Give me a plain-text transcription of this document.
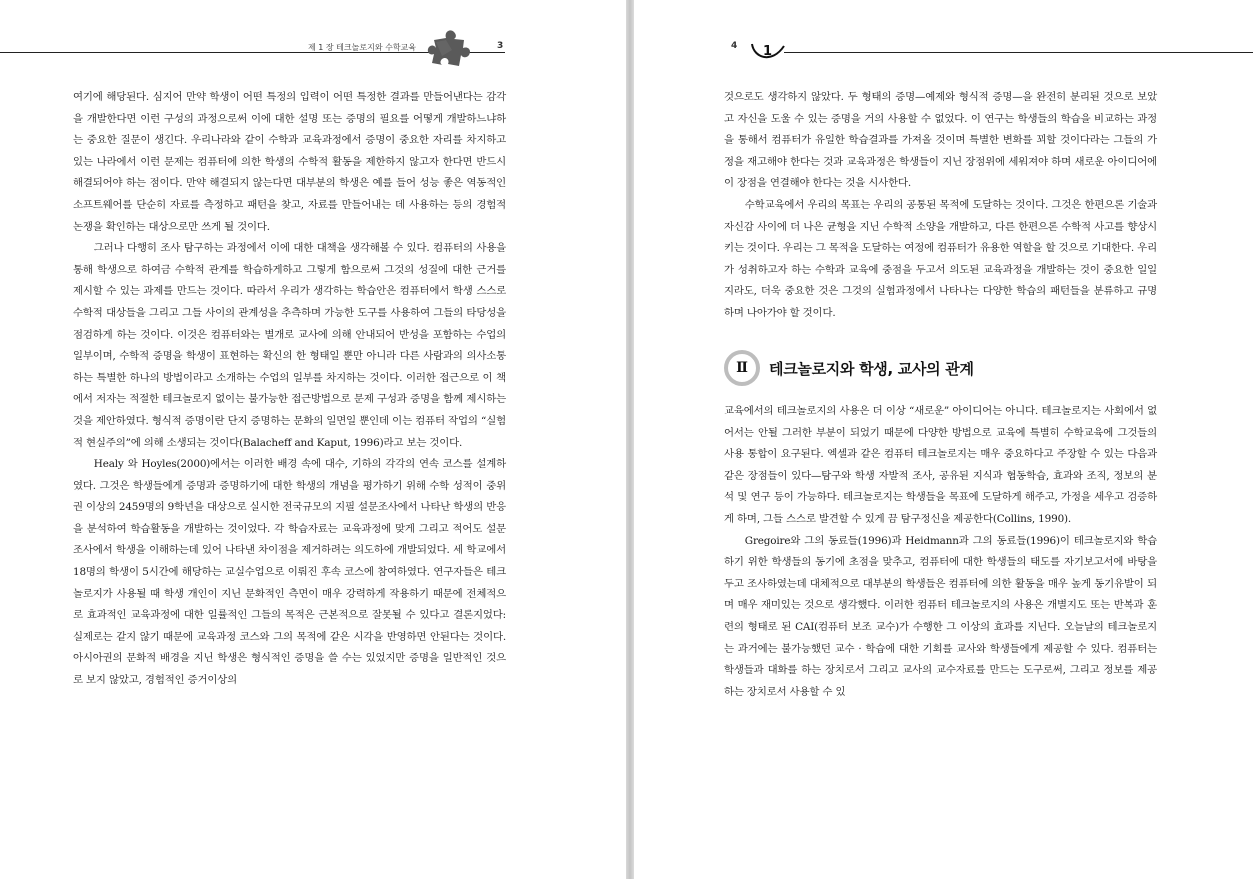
제 1 장 테크놀로지와 수학교육	3

여기에 해당된다. 심지어 만약 학생이 어떤 특정의 입력이 어떤 특정한 결과를 만들어낸다는 감각을 개발한다면 이런 구성의 과정으로써 이에 대한 설명 또는 증명의 필요를 어떻게 개발하느냐하는 중요한 질문이 생긴다. 우리나라와 같이 수학과 교육과정에서 증명이 중요한 자리를 차지하고 있는 나라에서 이런 문제는 컴퓨터에 의한 학생의 수학적 활동을 제한하지 않고자 한다면 반드시 해결되어야 하는 점이다. 만약 해결되지 않는다면 대부분의 학생은 예를 들어 성능 좋은 역동적인 소프트웨어를 단순히 자료를 측정하고 패턴을 찾고, 자료를 만들어내는 데 사용하는 등의 경험적 논쟁을 확인하는 대상으로만 쓰게 될 것이다.

그러나 다행히 조사 탐구하는 과정에서 이에 대한 대책을 생각해볼 수 있다. 컴퓨터의 사용을 통해 학생으로 하여금 수학적 관계를 학습하게하고 그렇게 함으로써 그것의 성질에 대한 근거를 제시할 수 있는 과제를 만드는 것이다. 따라서 우리가 생각하는 학습안은 컴퓨터에서 학생 스스로 수학적 대상들을 그리고 그들 사이의 관계성을 추측하며 가능한 도구를 사용하여 그들의 타당성을 점검하게 하는 것이다. 이것은 컴퓨터와는 별개로 교사에 의해 안내되어 반성을 포함하는 수업의 일부이며, 수학적 증명을 학생이 표현하는 확신의 한 형태일 뿐만 아니라 다른 사람과의 의사소통하는 특별한 하나의 방법이라고 소개하는 수업의 일부를 차지하는 것이다. 이러한 접근으로 이 책에서 저자는 적절한 테크놀로지 없이는 불가능한 접근방법으로 문제 구성과 증명을 함께 제시하는 것을 제안하였다. 형식적 증명이란 단지 증명하는 문화의 일면일 뿐인데 이는 컴퓨터 작업의 “실험적 현실주의”에 의해 소생되는 것이다(Balacheff and Kaput, 1996)라고 보는 것이다.

Healy 와 Hoyles(2000)에서는 이러한 배경 속에 대수, 기하의 각각의 연속 코스를 설계하였다. 그것은 학생들에게 증명과 증명하기에 대한 학생의 개념을 평가하기 위해 수학 성적이 중위권 이상의 2459명의 9학년을 대상으로 실시한 전국규모의 지필 설문조사에서 나타난 학생의 반응을 분석하여 학습활동을 개발하는 것이었다. 각 학습자료는 교육과정에 맞게 그리고 적어도 설문조사에서 학생을 이해하는데 있어 나타낸 차이점을 제거하려는 의도하에 개발되었다. 세 학교에서 18명의 학생이 5시간에 해당하는 교실수업으로 이뤄진 후속 코스에 참여하였다. 연구자들은 테크놀로지가 사용될 때 학생 개인이 지닌 문화적인 측면이 매우 강력하게 작용하기 때문에 전체적으로 효과적인 교육과정에 대한 일률적인 그들의 목적은 근본적으로 잘못될 수 있다고 결론지었다: 실제로는 같지 않기 때문에 교육과정 코스와 그의 목적에 같은 시각을 반영하면 안된다는 것이다. 아시아권의 문화적 배경을 지닌 학생은 형식적인 증명을 쓸 수는 있었지만 증명을 일반적인 것으로 보지 않았고, 경험적인 증거이상의

4 1

것으로도 생각하지 않았다. 두 형태의 증명—예제와 형식적 증명—을 완전히 분리된 것으로 보았고 자신을 도울 수 있는 증명을 거의 사용할 수 없었다. 이 연구는 학생들의 학습을 비교하는 과정을 통해서 컴퓨터가 유일한 학습결과를 가져올 것이며 특별한 변화를 꾀할 것이다라는 그들의 가정을 재고해야 한다는 것과 교육과정은 학생들이 지닌 장점위에 세워져야 하며 새로운 아이디어에 이 장점을 연결해야 한다는 것을 시사한다.

수학교육에서 우리의 목표는 우리의 공통된 목적에 도달하는 것이다. 그것은 한편으론 기술과 자신감 사이에 더 나은 균형을 지닌 수학적 소양을 개발하고, 다른 한편으론 수학적 사고를 향상시키는 것이다. 우리는 그 목적을 도달하는 여정에 컴퓨터가 유용한 역할을 할 것으로 기대한다. 우리가 성취하고자 하는 수학과 교육에 중점을 두고서 의도된 교육과정을 개발하는 것이 중요한 일일지라도, 더욱 중요한 것은 그것의 실험과정에서 나타나는 다양한 학습의 패턴들을 분류하고 규명하며 나아가야 할 것이다.

Ⅱ	테크놀로지와 학생, 교사의 관계

교육에서의 테크놀로지의 사용은 더 이상 “새로운” 아이디어는 아니다. 테크놀로지는 사회에서 없어서는 안될 그러한 부분이 되었기 때문에 다양한 방법으로 교육에 특별히 수학교육에 그것들의 사용 통합이 요구된다. 엑셀과 같은 컴퓨터 테크놀로지는 매우 중요하다고 주장할 수 있는 다음과 같은 장점들이 있다—탐구와 학생 자발적 조사, 공유된 지식과 협동학습, 효과와 조직, 정보의 분석 및 연구 등이 가능하다. 테크놀로지는 학생들을 목표에 도달하게 해주고, 가정을 세우고 검증하게 하며, 그들 스스로 발견할 수 있게 끔 탐구정신을 제공한다(Collins, 1990).

Gregoire와 그의 동료들(1996)과 Heidmann과 그의 동료들(1996)이 테크놀로지와 학습하기 위한 학생들의 동기에 초점을 맞추고, 컴퓨터에 대한 학생들의 태도를 자기보고서에 바탕을 두고 조사하였는데 대체적으로 대부분의 학생들은 컴퓨터에 의한 활동을 매우 높게 동기유발이 되며 매우 재미있는 것으로 생각했다. 이러한 컴퓨터 테크놀로지의 사용은 개별지도 또는 반복과 훈련의 형태로 된 CAI(컴퓨터 보조 교수)가 수행한 그 이상의 효과를 지닌다. 오늘날의 테크놀로지는 과거에는 불가능했던 교수 · 학습에 대한 기회를 교사와 학생들에게 제공할 수 있다. 컴퓨터는 학생들과 대화를 하는 장치로서 그리고 교사의 교수자료를 만드는 도구로써, 그리고 정보를 제공하는 장치로서 사용할 수 있
